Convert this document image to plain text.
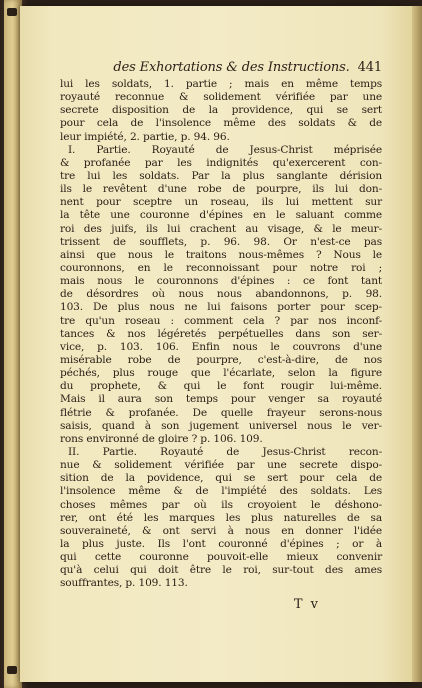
des Exhortations & des Instructions. 441
lui les soldats, 1. partie ; mais en même temps
royauté reconnue & solidement vérifiée par une
secrete disposition de la providence, qui se sert
pour cela de l'insolence même des soldats & de
leur impiété, 2. partie, p. 94. 96.
I. Partie. Royauté de Jesus-Christ méprisée
& profanée par les indignités qu'exercerent con-
tre lui les soldats. Par la plus sanglante dérision
ils le revêtent d'une robe de pourpre, ils lui don-
nent pour sceptre un roseau, ils lui mettent sur
la tête une couronne d'épines en le saluant comme
roi des juifs, ils lui crachent au visage, & le meur-
trissent de soufflets, p. 96. 98. Or n'est-ce pas
ainsi que nous le traitons nous-mêmes ? Nous le
couronnons, en le reconnoissant pour notre roi ;
mais nous le couronnons d'épines : ce font tant
de désordres où nous nous abandonnons, p. 98.
103. De plus nous ne lui faisons porter pour scep-
tre qu'un roseau : comment cela ? par nos inconf-
tances & nos légéretés perpétuelles dans son ser-
vice, p. 103. 106. Enfin nous le couvrons d'une
misérable robe de pourpre, c'est-à-dire, de nos
péchés, plus rouge que l'écarlate, selon la figure
du prophete, & qui le font rougir lui-même.
Mais il aura son temps pour venger sa royauté
flétrie & profanée. De quelle frayeur serons-nous
saisis, quand à son jugement universel nous le ver-
rons environné de gloire ? p. 106. 109.
II. Partie. Royauté de Jesus-Christ recon-
nue & solidement vérifiée par une secrete dispo-
sition de la povidence, qui se sert pour cela de
l'insolence même & de l'impiété des soldats. Les
choses mêmes par où ils croyoient le déshono-
rer, ont été les marques les plus naturelles de sa
souveraineté, & ont servi à nous en donner l'idée
la plus juste. Ils l'ont couronné d'épines ; or à
qui cette couronne pouvoit-elle mieux convenir
qu'à celui qui doit être le roi, sur-tout des ames
souffrantes, p. 109. 113.
T v
